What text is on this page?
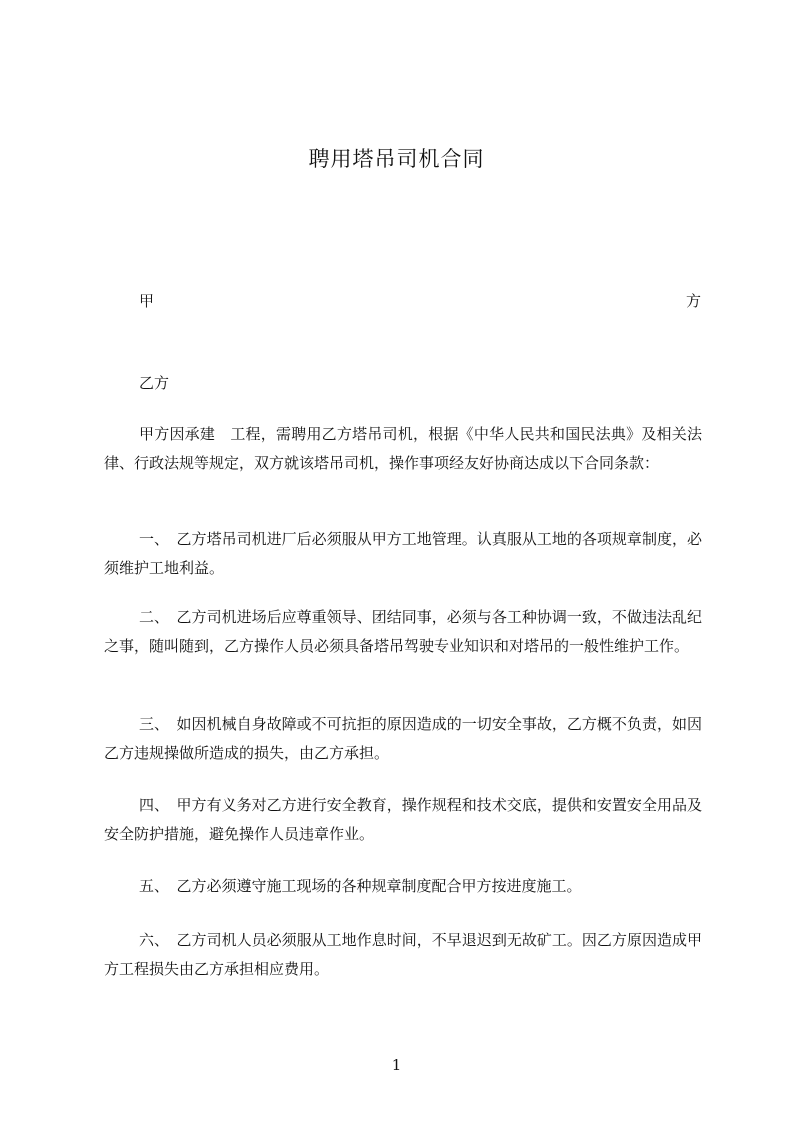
聘用塔吊司机合同
甲	方
乙方

甲方因承建　工程，需聘用乙方塔吊司机，根据《中华人民共和国民法典》及相关法律、行政法规等规定，双方就该塔吊司机，操作事项经友好协商达成以下合同条款：

一、　乙方塔吊司机进厂后必须服从甲方工地管理。认真服从工地的各项规章制度，必须维护工地利益。

二、　乙方司机进场后应尊重领导、团结同事，必须与各工种协调一致，不做违法乱纪之事，随叫随到，乙方操作人员必须具备塔吊驾驶专业知识和对塔吊的一般性维护工作。

三、　如因机械自身故障或不可抗拒的原因造成的一切安全事故，乙方概不负责，如因乙方违规操做所造成的损失，由乙方承担。

四、　甲方有义务对乙方进行安全教育，操作规程和技术交底，提供和安置安全用品及安全防护措施，避免操作人员违章作业。

五、　乙方必须遵守施工现场的各种规章制度配合甲方按进度施工。

六、　乙方司机人员必须服从工地作息时间，不早退迟到无故矿工。因乙方原因造成甲方工程损失由乙方承担相应费用。

1
